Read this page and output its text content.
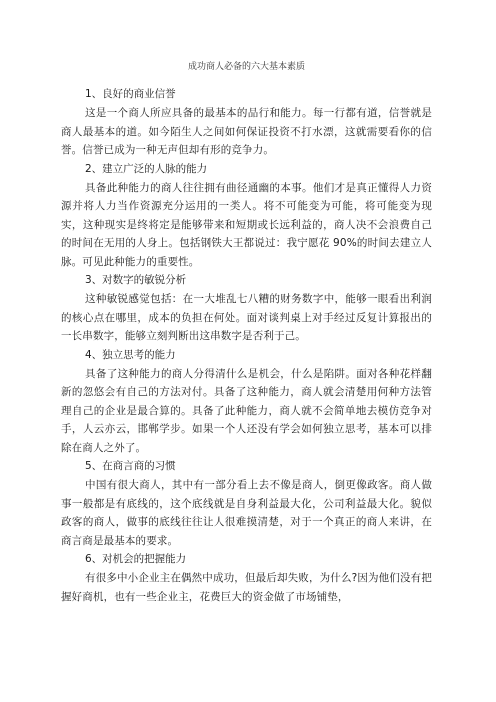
成功商人必备的六大基本素质
1、良好的商业信誉

这是一个商人所应具备的最基本的品行和能力。每一行都有道，信誉就是商人最基本的道。如今陌生人之间如何保证投资不打水漂，这就需要看你的信誉。信誉已成为一种无声但却有形的竞争力。

2、建立广泛的人脉的能力

具备此种能力的商人往往拥有曲径通幽的本事。他们才是真正懂得人力资源并将人力当作资源充分运用的一类人。将不可能变为可能，将可能变为现实，这种现实是终将定是能够带来和短期或长远利益的，商人决不会浪费自己的时间在无用的人身上。包括钢铁大王都说过：我宁愿花 90%的时间去建立人脉。可见此种能力的重要性。

3、对数字的敏锐分析

这种敏锐感觉包括：在一大堆乱七八糟的财务数字中，能够一眼看出利润的核心点在哪里，成本的负担在何处。面对谈判桌上对手经过反复计算报出的一长串数字，能够立刻判断出这串数字是否利于己。

4、独立思考的能力

具备了这种能力的商人分得清什么是机会，什么是陷阱。面对各种花样翻新的忽悠会有自己的方法对付。具备了这种能力，商人就会清楚用何种方法管理自己的企业是最合算的。具备了此种能力，商人就不会简单地去模仿竞争对手，人云亦云，邯郸学步。如果一个人还没有学会如何独立思考，基本可以排除在商人之外了。

5、在商言商的习惯

中国有很大商人，其中有一部分看上去不像是商人，倒更像政客。商人做事一般都是有底线的，这个底线就是自身利益最大化，公司利益最大化。貌似政客的商人，做事的底线往往让人很难摸清楚，对于一个真正的商人来讲，在商言商是最基本的要求。

6、对机会的把握能力

有很多中小企业主在偶然中成功，但最后却失败，为什么?因为他们没有把握好商机，也有一些企业主，花费巨大的资金做了市场铺垫，
